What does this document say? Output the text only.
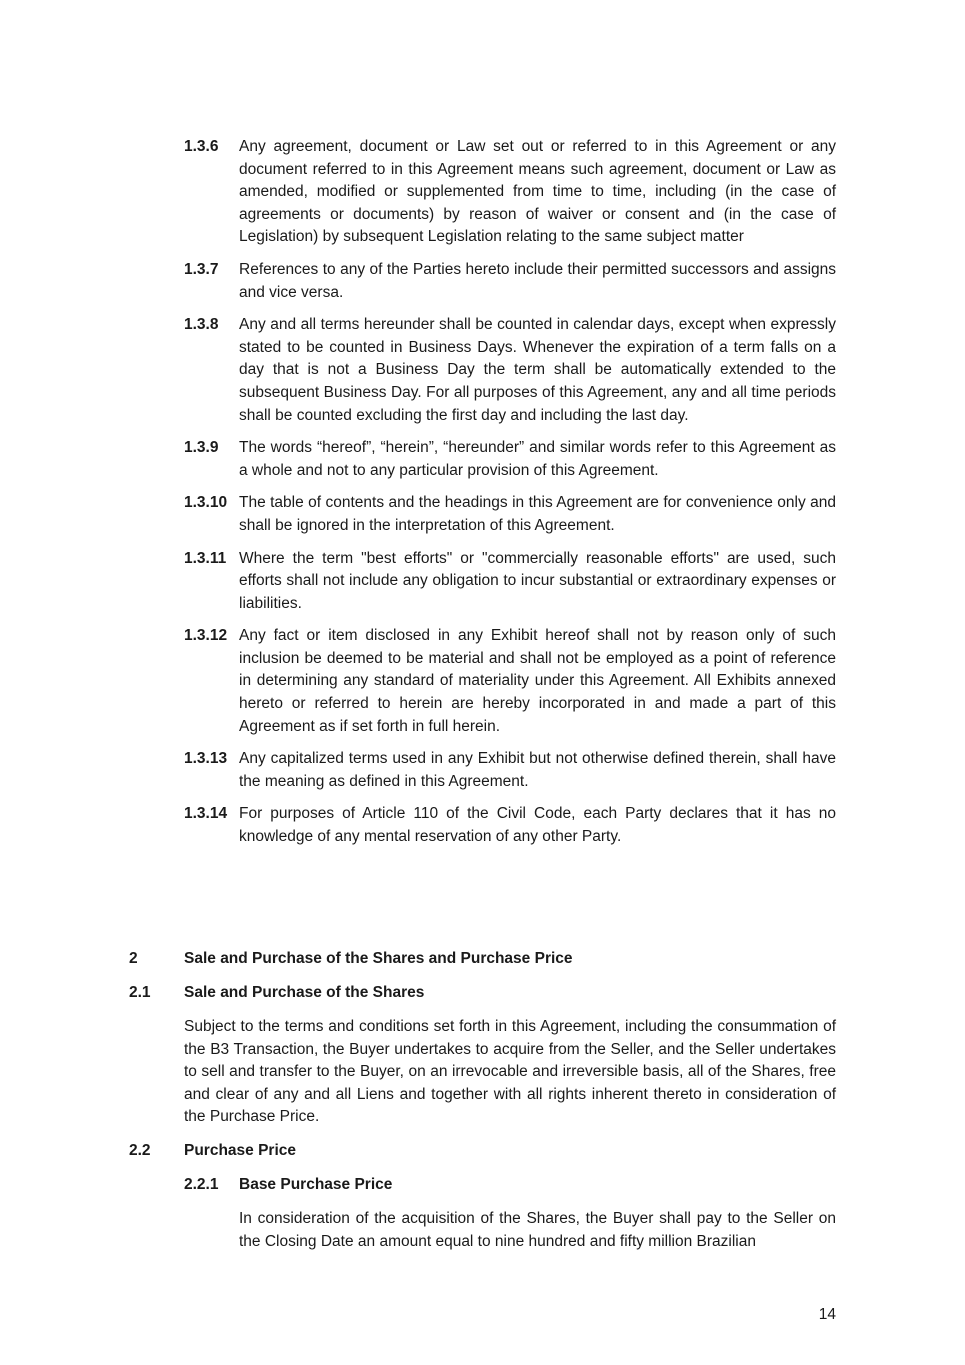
1.3.6	Any agreement, document or Law set out or referred to in this Agreement or any document referred to in this Agreement means such agreement, document or Law as amended, modified or supplemented from time to time, including (in the case of agreements or documents) by reason of waiver or consent and (in the case of Legislation) by subsequent Legislation relating to the same subject matter
1.3.7	References to any of the Parties hereto include their permitted successors and assigns and vice versa.
1.3.8	Any and all terms hereunder shall be counted in calendar days, except when expressly stated to be counted in Business Days. Whenever the expiration of a term falls on a day that is not a Business Day the term shall be automatically extended to the subsequent Business Day. For all purposes of this Agreement, any and all time periods shall be counted excluding the first day and including the last day.
1.3.9	The words “hereof”, “herein”, “hereunder” and similar words refer to this Agreement as a whole and not to any particular provision of this Agreement.
1.3.10 The table of contents and the headings in this Agreement are for convenience only and shall be ignored in the interpretation of this Agreement.
1.3.11 Where the term "best efforts" or "commercially reasonable efforts" are used, such efforts shall not include any obligation to incur substantial or extraordinary expenses or liabilities.
1.3.12 Any fact or item disclosed in any Exhibit hereof shall not by reason only of such inclusion be deemed to be material and shall not be employed as a point of reference in determining any standard of materiality under this Agreement. All Exhibits annexed hereto or referred to herein are hereby incorporated in and made a part of this Agreement as if set forth in full herein.
1.3.13 Any capitalized terms used in any Exhibit but not otherwise defined therein, shall have the meaning as defined in this Agreement.
1.3.14 For purposes of Article 110 of the Civil Code, each Party declares that it has no knowledge of any mental reservation of any other Party.
2	Sale and Purchase of the Shares and Purchase Price
2.1	Sale and Purchase of the Shares
Subject to the terms and conditions set forth in this Agreement, including the consummation of the B3 Transaction, the Buyer undertakes to acquire from the Seller, and the Seller undertakes to sell and transfer to the Buyer, on an irrevocable and irreversible basis, all of the Shares, free and clear of any and all Liens and together with all rights inherent thereto in consideration of the Purchase Price.
2.2	Purchase Price
2.2.1	Base Purchase Price
In consideration of the acquisition of the Shares, the Buyer shall pay to the Seller on the Closing Date an amount equal to nine hundred and fifty million Brazilian
14
